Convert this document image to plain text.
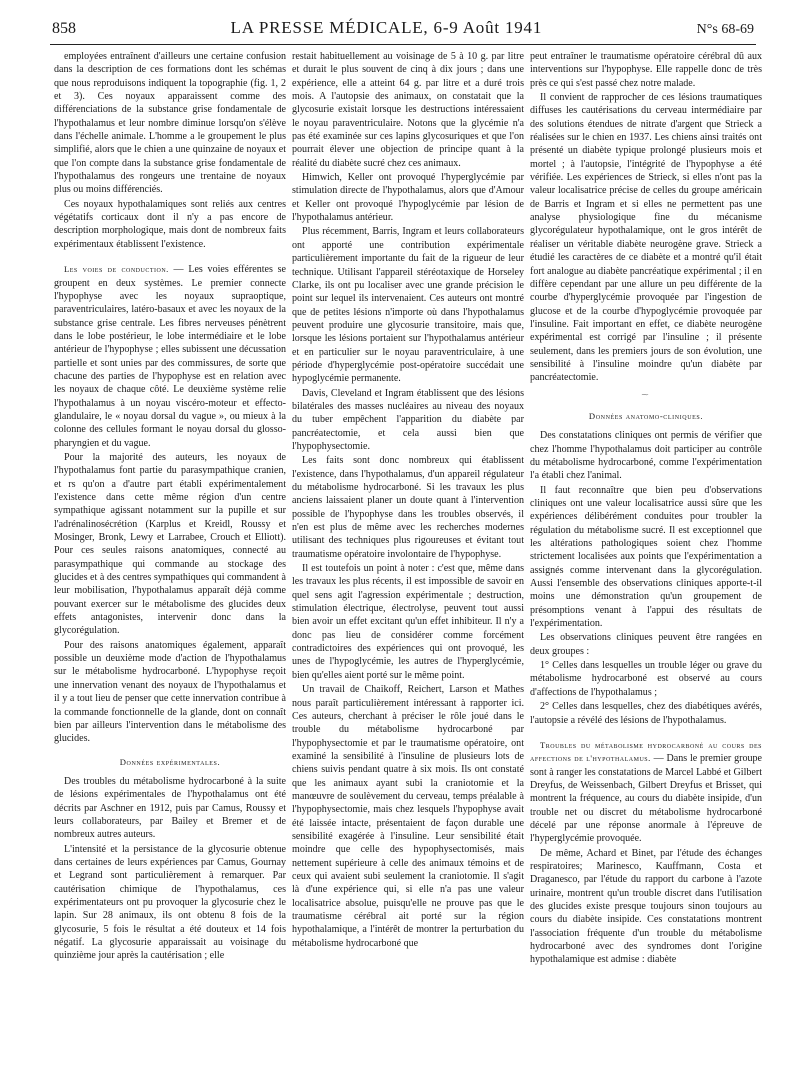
858	LA PRESSE MÉDICALE, 6-9 Août 1941	N°s 68-69

employées entraînent d'ailleurs une certaine confusion dans la description de ces formations dont les schémas que nous reproduisons indiquent la topographie (fig. 1, 2 et 3). Ces noyaux apparaissent comme des différenciations de la substance grise fondamentale de l'hypothalamus et leur nombre diminue lorsqu'on s'élève dans l'échelle animale. L'homme a le groupement le plus simplifié, alors que le chien a une quinzaine de noyaux et que l'on compte dans la substance grise fondamentale de l'hypothalamus des rongeurs une trentaine de noyaux plus ou moins différenciés.

Ces noyaux hypothalamiques sont reliés aux centres végétatifs corticaux dont il n'y a pas encore de description morphologique, mais dont de nombreux faits expérimentaux établissent l'existence.

Les voies de conduction. — Les voies efférentes se groupent en deux systèmes. Le premier connecte l'hypophyse avec les noyaux supraoptique, paraventriculaires, latéro-basaux et avec les noyaux de la substance grise centrale. Les fibres nerveuses pénètrent dans le lobe postérieur, le lobe intermédiaire et le lobe antérieur de l'hypophyse ; elles subissent une décussation partielle et sont unies par des commissures, de sorte que chacune des parties de l'hypophyse est en relation avec les noyaux de chaque côté. Le deuxième système relie l'hypothalamus à un noyau viscéro-moteur et effecto-glandulaire, le « noyau dorsal du vague », ou mieux à la colonne des cellules formant le noyau dorsal du glosso-pharyngien et du vague.

Pour la majorité des auteurs, les noyaux de l'hypothalamus font partie du parasympathique cranien, et rs qu'on a d'autre part établi expérimentalement l'existence dans cette même région d'un centre sympathique agissant notamment sur la pupille et sur l'adrénalinosécrétion (Karplus et Kreidl, Roussy et Mosinger, Bronk, Lewy et Larrabee, Crouch et Elliott). Pour ces seules raisons anatomiques, connecté au parasympathique qui commande au stockage des glucides et à des centres sympathiques qui commandent à leur mobilisation, l'hypothalamus apparaît déjà comme pouvant exercer sur le métabolisme des glucides deux effets antagonistes, intervenir donc dans la glycorégulation.

Pour des raisons anatomiques également, apparaît possible un deuxième mode d'action de l'hypothalamus sur le métabolisme hydrocarboné. L'hypophyse reçoit une innervation venant des noyaux de l'hypothalamus et il y a tout lieu de penser que cette innervation contribue à la commande fonctionnelle de la glande, dont on connaît bien par ailleurs l'intervention dans le métabolisme des glucides.

Données expérimentales.

Des troubles du métabolisme hydrocarboné à la suite de lésions expérimentales de l'hypothalamus ont été décrits par Aschner en 1912, puis par Camus, Roussy et leurs collaborateurs, par Bailey et Bremer et de nombreux autres auteurs.

L'intensité et la persistance de la glycosurie obtenue dans certaines de leurs expériences par Camus, Gournay et Legrand sont particulièrement à remarquer. Par cautérisation chimique de l'hypothalamus, ces expérimentateurs ont pu provoquer la glycosurie chez le lapin. Sur 28 animaux, ils ont obtenu 8 fois de la glycosurie, 5 fois le résultat a été douteux et 14 fois négatif. La glycosurie apparaissait au voisinage du quinzième jour après la cautérisation ; elle

restait habituellement au voisinage de 5 à 10 g. par litre et durait le plus souvent de cinq à dix jours ; dans une expérience, elle a atteint 64 g. par litre et a duré trois mois. A l'autopsie des animaux, on constatait que la glycosurie existait lorsque les destructions intéressaient le noyau paraventriculaire. Notons que la glycémie n'a pas été examinée sur ces lapins glycosuriques et que l'on pourrait élever une objection de principe quant à la réalité du diabète sucré chez ces animaux.

Himwich, Keller ont provoqué l'hyperglycémie par stimulation directe de l'hypothalamus, alors que d'Amour et Keller ont provoqué l'hypoglycémie par lésion de l'hypothalamus antérieur.

Plus récemment, Barris, Ingram et leurs collaborateurs ont apporté une contribution expérimentale particulièrement importante du fait de la rigueur de leur technique. Utilisant l'appareil stéréotaxique de Horseley Clarke, ils ont pu localiser avec une grande précision le point sur lequel ils intervenaient. Ces auteurs ont montré que de petites lésions n'importe où dans l'hypothalamus peuvent produire une glycosurie transitoire, mais que, lorsque les lésions portaient sur l'hypothalamus antérieur et en particulier sur le noyau paraventriculaire, à une période d'hyperglycémie post-opératoire succédait une hypoglycémie permanente.

Davis, Cleveland et Ingram établissent que des lésions bilatérales des masses nucléaires au niveau des noyaux du tuber empêchent l'apparition du diabète par pancréatectomie, et cela aussi bien que l'hypophysectomie.

Les faits sont donc nombreux qui établissent l'existence, dans l'hypothalamus, d'un appareil régulateur du métabolisme hydrocarboné. Si les travaux les plus anciens laissaient planer un doute quant à l'intervention possible de l'hypophyse dans les troubles observés, il n'en est plus de même avec les recherches modernes utilisant des techniques plus rigoureuses et évitant tout traumatisme opératoire involontaire de l'hypophyse.

Il est toutefois un point à noter : c'est que, même dans les travaux les plus récents, il est impossible de savoir en quel sens agit l'agression expérimentale ; destruction, stimulation électrique, électrolyse, peuvent tout aussi bien avoir un effet excitant qu'un effet inhibiteur. Il n'y a donc pas lieu de considérer comme forcément contradictoires des expériences qui ont provoqué, les unes de l'hypoglycémie, les autres de l'hyperglycémie, bien qu'elles aient porté sur le même point.

Un travail de Chaikoff, Reichert, Larson et Mathes nous paraît particulièrement intéressant à rapporter ici. Ces auteurs, cherchant à préciser le rôle joué dans le trouble du métabolisme hydrocarboné par l'hypophysectomie et par le traumatisme opératoire, ont examiné la sensibilité à l'insuline de plusieurs lots de chiens suivis pendant quatre à six mois. Ils ont constaté que les animaux ayant subi la craniotomie et la manœuvre de soulèvement du cerveau, temps préalable à l'hypophysectomie, mais chez lesquels l'hypophyse avait été laissée intacte, présentaient de façon durable une sensibilité exagérée à l'insuline. Leur sensibilité était moindre que celle des hypophysectomisés, mais nettement supérieure à celle des animaux témoins et de ceux qui avaient subi seulement la craniotomie. Il s'agit là d'une expérience qui, si elle n'a pas une valeur localisatrice absolue, puisqu'elle ne prouve pas que le traumatisme cérébral ait porté sur la région hypothalamique, a l'intérêt de montrer la perturbation du métabolisme hydrocarboné que

peut entraîner le traumatisme opératoire cérébral dû aux interventions sur l'hypophyse. Elle rappelle donc de très près ce qui s'est passé chez notre malade.

Il convient de rapprocher de ces lésions traumatiques diffuses les cautérisations du cerveau intermédiaire par des solutions étendues de nitrate d'argent que Strieck a réalisées sur le chien en 1937. Les chiens ainsi traités ont présenté un diabète typique prolongé plusieurs mois et mortel ; à l'autopsie, l'intégrité de l'hypophyse a été vérifiée. Les expériences de Strieck, si elles n'ont pas la valeur localisatrice précise de celles du groupe américain de Barris et Ingram et si elles ne permettent pas une analyse physiologique fine du mécanisme glycorégulateur hypothalamique, ont le gros intérêt de réaliser un véritable diabète neurogène grave. Strieck a étudié les caractères de ce diabète et a montré qu'il était fort analogue au diabète pancréatique expérimental ; il en diffère cependant par une allure un peu différente de la courbe d'hyperglycémie provoquée par l'ingestion de glucose et de la courbe d'hypoglycémie provoquée par l'insuline. Fait important en effet, ce diabète neurogène expérimental est corrigé par l'insuline ; il présente seulement, dans les premiers jours de son évolution, une sensibilité à l'insuline moindre qu'un diabète par pancréatectomie.

⁓
Données anatomo-cliniques.

Des constatations cliniques ont permis de vérifier que chez l'homme l'hypothalamus doit participer au contrôle du métabolisme hydrocarboné, comme l'expérimentation l'a établi chez l'animal.

Il faut reconnaître que bien peu d'observations cliniques ont une valeur localisatrice aussi sûre que les expériences délibérément conduites pour troubler la régulation du métabolisme sucré. Il est exceptionnel que les altérations pathologiques soient chez l'homme strictement localisées aux points que l'expérimentation a assignés comme intervenant dans la glycorégulation. Aussi l'ensemble des observations cliniques apporte-t-il moins une démonstration qu'un groupement de présomptions venant à l'appui des résultats de l'expérimentation.

Les observations cliniques peuvent être rangées en deux groupes :

1° Celles dans lesquelles un trouble léger ou grave du métabolisme hydrocarboné est observé au cours d'affections de l'hypothalamus ;

2° Celles dans lesquelles, chez des diabétiques avérés, l'autopsie a révélé des lésions de l'hypothalamus.

Troubles du métabolisme hydrocarboné au cours des affections de l'hypothalamus. — Dans le premier groupe sont à ranger les constatations de Marcel Labbé et Gilbert Dreyfus, de Weissenbach, Gilbert Dreyfus et Brisset, qui montrent la fréquence, au cours du diabète insipide, d'un trouble net ou discret du métabolisme hydrocarboné décelé par une réponse anormale à l'épreuve de l'hyperglycémie provoquée.

De même, Achard et Binet, par l'étude des échanges respiratoires; Marinesco, Kauffmann, Costa et Draganesco, par l'étude du rapport du carbone à l'azote urinaire, montrent qu'un trouble discret dans l'utilisation des glucides existe presque toujours sinon toujours au cours du diabète insipide. Ces constatations montrent l'association fréquente d'un trouble du métabolisme hydrocarboné avec des syndromes dont l'origine hypothalamique est admise : diabète
